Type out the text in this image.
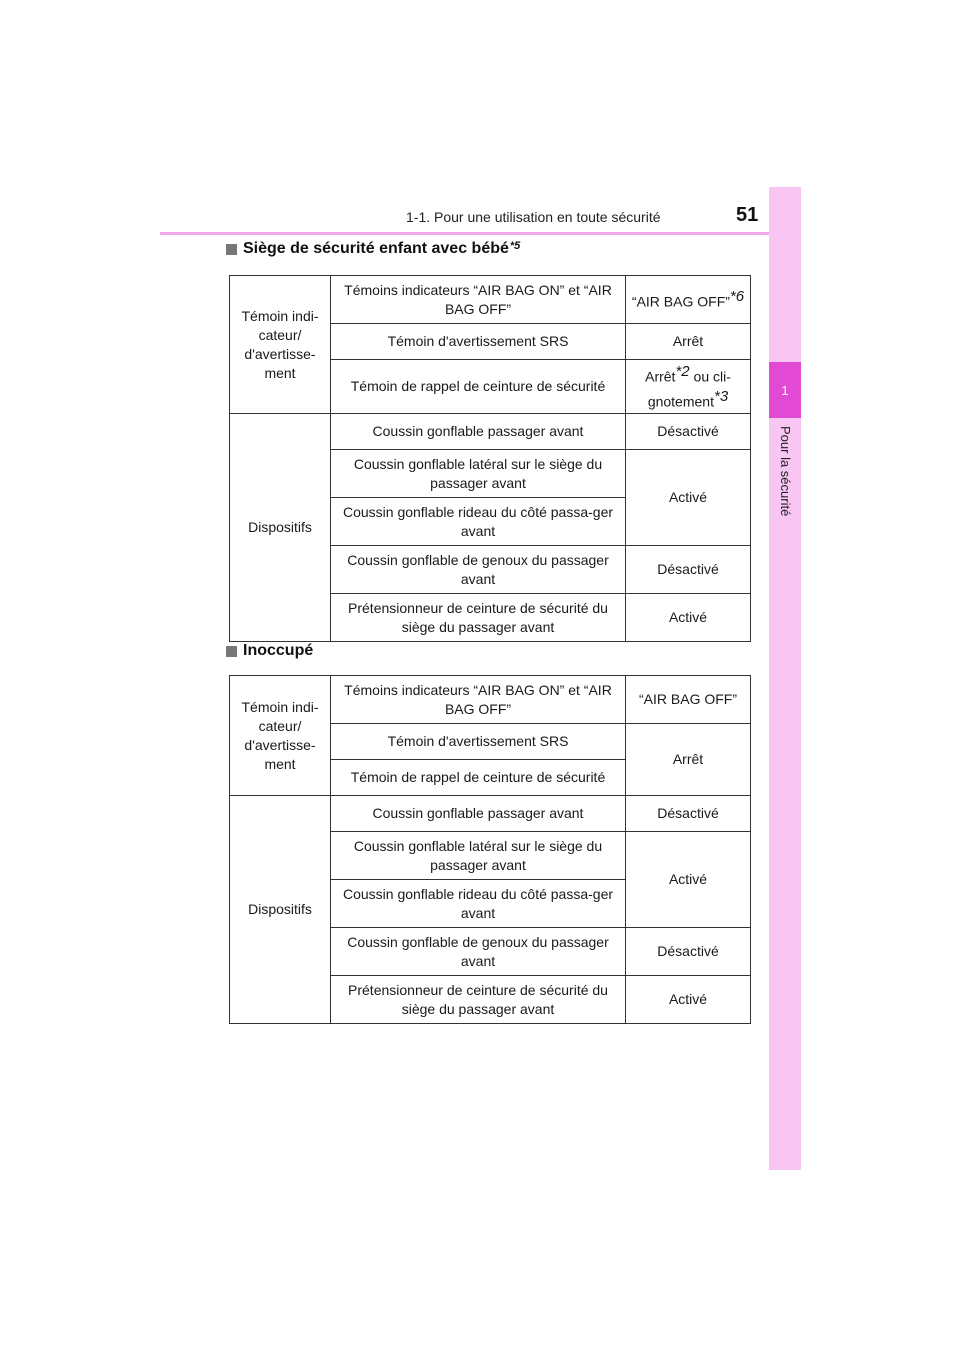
1-1. Pour une utilisation en toute sécurité	51
1
Pour la sécurité
Siège de sécurité enfant avec bébé *5
Témoin indi-cateur/ d'avertisse-ment	Témoins indicateurs “AIR BAG ON” et “AIR BAG OFF”	“AIR BAG OFF”$^{*6}$
	Témoin d'avertissement SRS	Arrêt
	Témoin de rappel de ceinture de sécurité	Arrêt$^{*2}$ ou cli-gnotement$^{*3}$
Dispositifs	Coussin gonflable passager avant	Désactivé
	Coussin gonflable latéral sur le siège du passager avant	Activé
	Coussin gonflable rideau du côté passa-ger avant	
	Coussin gonflable de genoux du passager avant	Désactivé
	Prétensionneur de ceinture de sécurité du siège du passager avant	Activé
Inoccupé
Témoin indi-cateur/ d'avertisse-ment	Témoins indicateurs “AIR BAG ON” et “AIR BAG OFF”	“AIR BAG OFF”
	Témoin d'avertissement SRS	Arrêt
	Témoin de rappel de ceinture de sécurité	
Dispositifs	Coussin gonflable passager avant	Désactivé
	Coussin gonflable latéral sur le siège du passager avant	Activé
	Coussin gonflable rideau du côté passa-ger avant	
	Coussin gonflable de genoux du passager avant	Désactivé
	Prétensionneur de ceinture de sécurité du siège du passager avant	Activé
